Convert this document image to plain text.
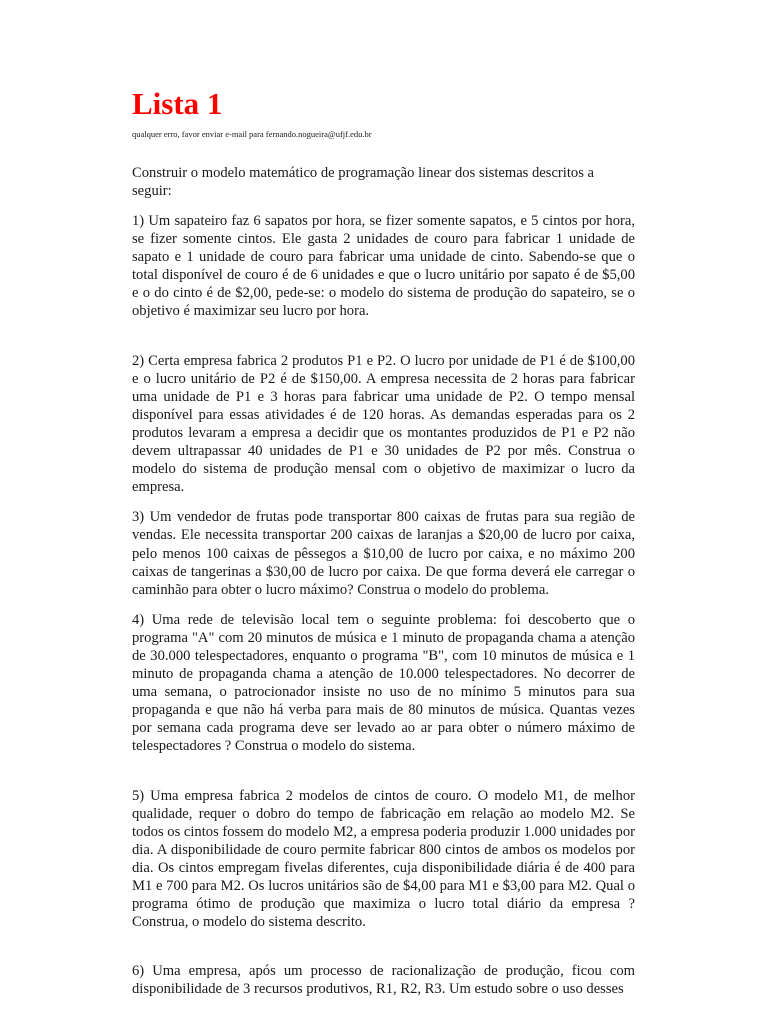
Lista 1

qualquer erro, favor enviar e-mail para fernando.nogueira@ufjf.edu.br

Construir o modelo matemático de programação linear dos sistemas descritos a seguir:

1) Um sapateiro faz 6 sapatos por hora, se fizer somente sapatos, e 5 cintos por hora, se fizer somente cintos. Ele gasta 2 unidades de couro para fabricar 1 unidade de sapato e 1 unidade de couro para fabricar uma unidade de cinto. Sabendo-se que o total disponível de couro é de 6 unidades e que o lucro unitário por sapato é de $5,00 e o do cinto é de $2,00, pede-se: o modelo do sistema de produção do sapateiro, se o objetivo é maximizar seu lucro por hora.

2) Certa empresa fabrica 2 produtos P1 e P2. O lucro por unidade de P1 é de $100,00 e o lucro unitário de P2 é de $150,00. A empresa necessita de 2 horas para fabricar uma unidade de P1 e 3 horas para fabricar uma unidade de P2. O tempo mensal disponível para essas atividades é de 120 horas. As demandas esperadas para os 2 produtos levaram a empresa a decidir que os montantes produzidos de P1 e P2 não devem ultrapassar 40 unidades de P1 e 30 unidades de P2 por mês. Construa o modelo do sistema de produção mensal com o objetivo de maximizar o lucro da empresa.

3) Um vendedor de frutas pode transportar 800 caixas de frutas para sua região de vendas. Ele necessita transportar 200 caixas de laranjas a $20,00 de lucro por caixa, pelo menos 100 caixas de pêssegos a $10,00 de lucro por caixa, e no máximo 200 caixas de tangerinas a $30,00 de lucro por caixa. De que forma deverá ele carregar o caminhão para obter o lucro máximo? Construa o modelo do problema.

4) Uma rede de televisão local tem o seguinte problema: foi descoberto que o programa "A" com 20 minutos de música e 1 minuto de propaganda chama a atenção de 30.000 telespectadores, enquanto o programa "B", com 10 minutos de música e 1 minuto de propaganda chama a atenção de 10.000 telespectadores. No decorrer de uma semana, o patrocionador insiste no uso de no mínimo 5 minutos para sua propaganda e que não há verba para mais de 80 minutos de música. Quantas vezes por semana cada programa deve ser levado ao ar para obter o número máximo de telespectadores ? Construa o modelo do sistema.

5) Uma empresa fabrica 2 modelos de cintos de couro. O modelo M1, de melhor qualidade, requer o dobro do tempo de fabricação em relação ao modelo M2. Se todos os cintos fossem do modelo M2, a empresa poderia produzir 1.000 unidades por dia. A disponibilidade de couro permite fabricar 800 cintos de ambos os modelos por dia. Os cintos empregam fivelas diferentes, cuja disponibilidade diária é de 400 para M1 e 700 para M2. Os lucros unitários são de $4,00 para M1 e $3,00 para M2. Qual o programa ótimo de produção que maximiza o lucro total diário da empresa ? Construa, o modelo do sistema descrito.

6) Uma empresa, após um processo de racionalização de produção, ficou com disponibilidade de 3 recursos produtivos, R1, R2, R3. Um estudo sobre o uso desses
